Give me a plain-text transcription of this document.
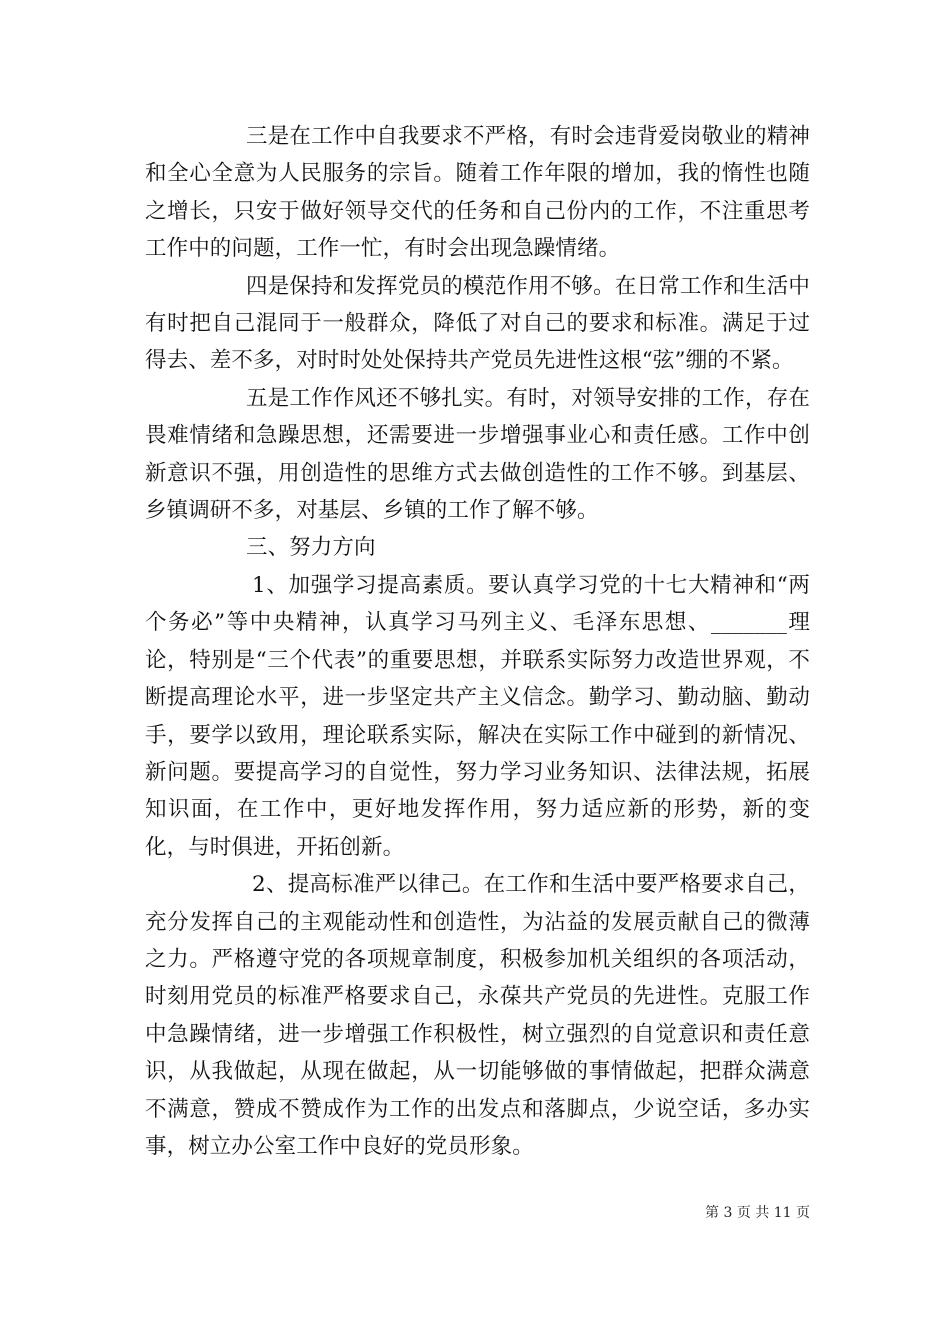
三是在工作中自我要求不严格，有时会违背爱岗敬业的精神和全心全意为人民服务的宗旨。随着工作年限的增加，我的惰性也随之增长，只安于做好领导交代的任务和自己份内的工作，不注重思考工作中的问题，工作一忙，有时会出现急躁情绪。

四是保持和发挥党员的模范作用不够。在日常工作和生活中有时把自己混同于一般群众，降低了对自己的要求和标准。满足于过得去、差不多，对时时处处保持共产党员先进性这根“弦”绷的不紧。

五是工作作风还不够扎实。有时，对领导安排的工作，存在畏难情绪和急躁思想，还需要进一步增强事业心和责任感。工作中创新意识不强，用创造性的思维方式去做创造性的工作不够。到基层、乡镇调研不多，对基层、乡镇的工作了解不够。

三、努力方向

1、加强学习提高素质。要认真学习党的十七大精神和“两个务必”等中央精神，认真学习马列主义、毛泽东思想、_______理论，特别是“三个代表”的重要思想，并联系实际努力改造世界观，不断提高理论水平，进一步坚定共产主义信念。勤学习、勤动脑、勤动手，要学以致用，理论联系实际，解决在实际工作中碰到的新情况、新问题。要提高学习的自觉性，努力学习业务知识、法律法规，拓展知识面，在工作中，更好地发挥作用，努力适应新的形势，新的变化，与时俱进，开拓创新。

2、提高标准严以律己。在工作和生活中要严格要求自己，充分发挥自己的主观能动性和创造性，为沾益的发展贡献自己的微薄之力。严格遵守党的各项规章制度，积极参加机关组织的各项活动，时刻用党员的标准严格要求自己，永葆共产党员的先进性。克服工作中急躁情绪，进一步增强工作积极性，树立强烈的自觉意识和责任意识，从我做起，从现在做起，从一切能够做的事情做起，把群众满意不满意，赞成不赞成作为工作的出发点和落脚点，少说空话，多办实事，树立办公室工作中良好的党员形象。

第 3 页 共 11 页
